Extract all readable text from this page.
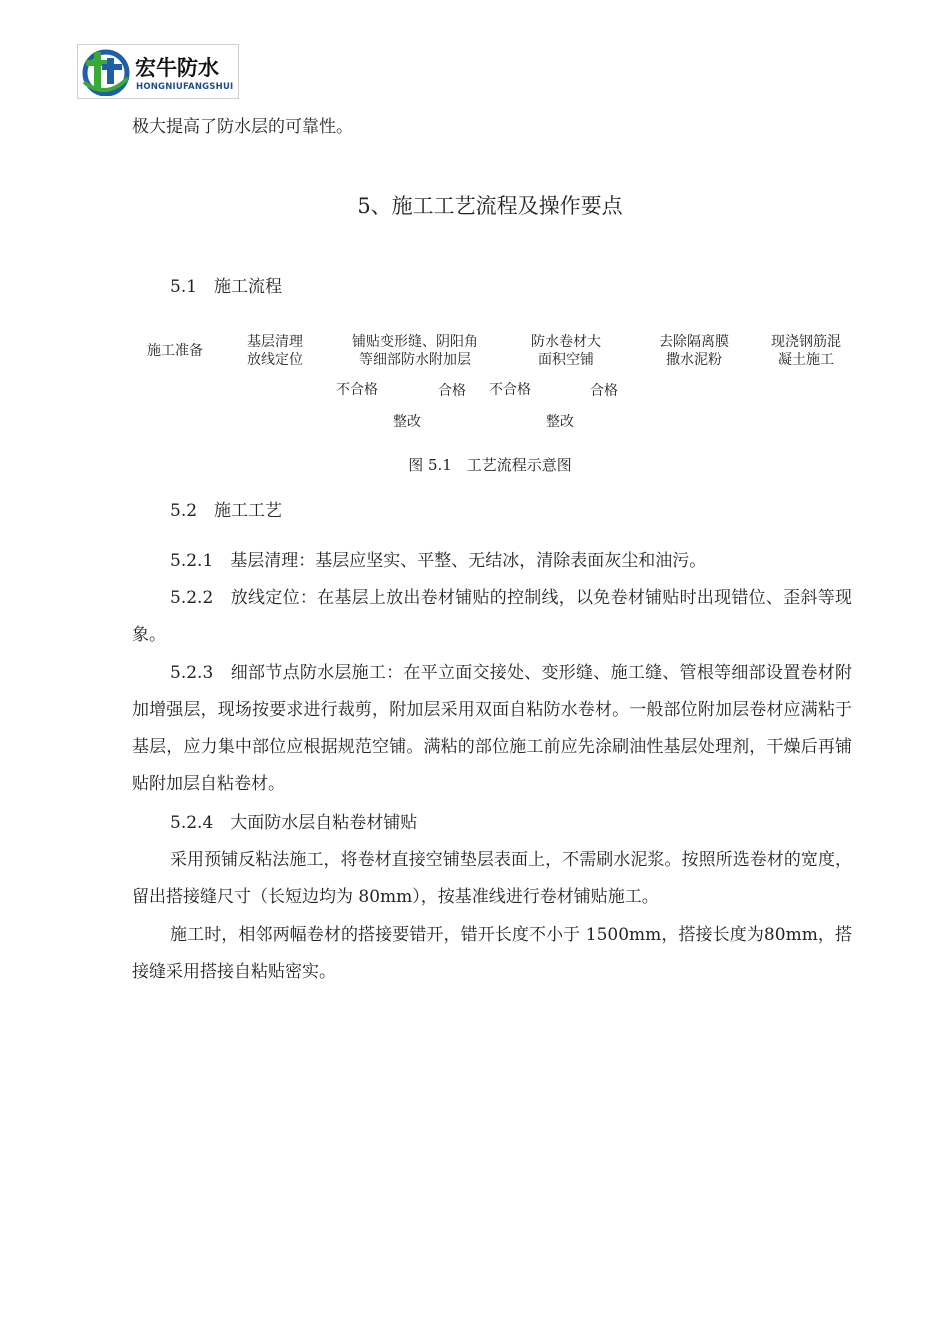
宏牛防水
HONGNIUFANGSHUI
极大提高了防水层的可靠性。
5、施工工艺流程及操作要点
5.1　施工流程
施工准备
基层清理
放线定位
铺贴变形缝、阴阳角
等细部防水附加层
防水卷材大
面积空铺
去除隔离膜
撒水泥粉
现浇钢筋混
凝土施工
不合格	合格 不合格	合格
整改	整改
图 5.1　工艺流程示意图
5.2　施工工艺
5.2.1　基层清理：基层应坚实、平整、无结冰，清除表面灰尘和油污。
5.2.2　放线定位：在基层上放出卷材铺贴的控制线，以免卷材铺贴时出现错位、歪斜等现象。
5.2.3　细部节点防水层施工：在平立面交接处、变形缝、施工缝、管根等细部设置卷材附加增强层，现场按要求进行裁剪，附加层采用双面自粘防水卷材。一般部位附加层卷材应满粘于基层，应力集中部位应根据规范空铺。满粘的部位施工前应先涂刷油性基层处理剂，干燥后再铺贴附加层自粘卷材。
5.2.4　大面防水层自粘卷材铺贴
采用预铺反粘法施工，将卷材直接空铺垫层表面上，不需刷水泥浆。按照所选卷材的宽度，留出搭接缝尺寸（长短边均为 80mm），按基准线进行卷材铺贴施工。
施工时，相邻两幅卷材的搭接要错开，错开长度不小于 1500mm，搭接长度为80mm，搭接缝采用搭接自粘贴密实。
